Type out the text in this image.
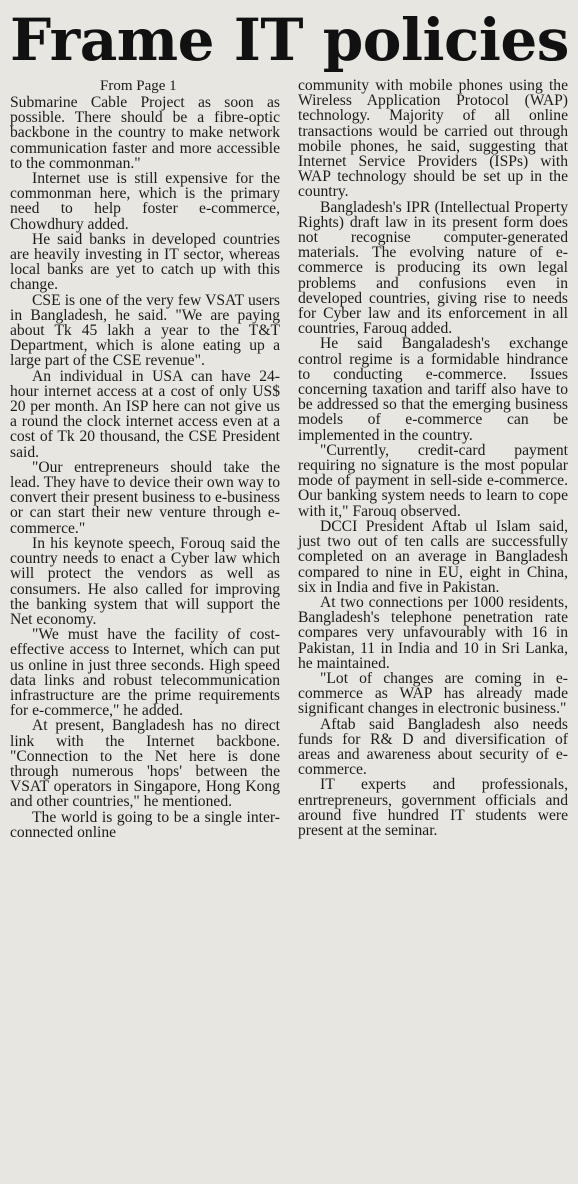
Frame IT policies
From Page 1

Submarine Cable Project as soon as possible. There should be a fibre-optic backbone in the country to make network communication faster and more accessible to the commonman."

Internet use is still expensive for the commonman here, which is the primary need to help foster e-commerce, Chowdhury added.

He said banks in developed countries are heavily investing in IT sector, whereas local banks are yet to catch up with this change.

CSE is one of the very few VSAT users in Bangladesh, he said. "We are paying about Tk 45 lakh a year to the T&T Department, which is alone eating up a large part of the CSE revenue".

An individual in USA can have 24-hour internet access at a cost of only US$ 20 per month. An ISP here can not give us a round the clock internet access even at a cost of Tk 20 thousand, the CSE President said.

"Our entrepreneurs should take the lead. They have to device their own way to convert their present business to e-business or can start their new venture through e-commerce."

In his keynote speech, Forouq said the country needs to enact a Cyber law which will protect the vendors as well as consumers. He also called for improving the banking system that will support the Net economy.

"We must have the facility of cost-effective access to Internet, which can put us online in just three seconds. High speed data links and robust telecommunication infrastructure are the prime requirements for e-commerce," he added.

At present, Bangladesh has no direct link with the Internet backbone. "Connection to the Net here is done through numerous 'hops' between the VSAT operators in Singapore, Hong Kong and other countries," he mentioned.

The world is going to be a single inter-connected online

community with mobile phones using the Wireless Application Protocol (WAP) technology. Majority of all online transactions would be carried out through mobile phones, he said, suggesting that Internet Service Providers (ISPs) with WAP technology should be set up in the country.

Bangladesh's IPR (Intellectual Property Rights) draft law in its present form does not recognise computer-generated materials. The evolving nature of e-commerce is producing its own legal problems and confusions even in developed countries, giving rise to needs for Cyber law and its enforcement in all countries, Farouq added.

He said Bangaladesh's exchange control regime is a formidable hindrance to conducting e-commerce. Issues concerning taxation and tariff also have to be addressed so that the emerging business models of e-commerce can be implemented in the country.

"Currently, credit-card payment requiring no signature is the most popular mode of payment in sell-side e-commerce. Our banking system needs to learn to cope with it," Farouq observed.

DCCI President Aftab ul Islam said, just two out of ten calls are successfully completed on an average in Bangladesh compared to nine in EU, eight in China, six in India and five in Pakistan.

At two connections per 1000 residents, Bangladesh's telephone penetration rate compares very unfavourably with 16 in Pakistan, 11 in India and 10 in Sri Lanka, he maintained.

"Lot of changes are coming in e-commerce as WAP has already made significant changes in electronic business."

Aftab said Bangladesh also needs funds for R& D and diversification of areas and awareness about security of e-commerce.

IT experts and professionals, enrtrepreneurs, government officials and around five hundred IT students were present at the seminar.
